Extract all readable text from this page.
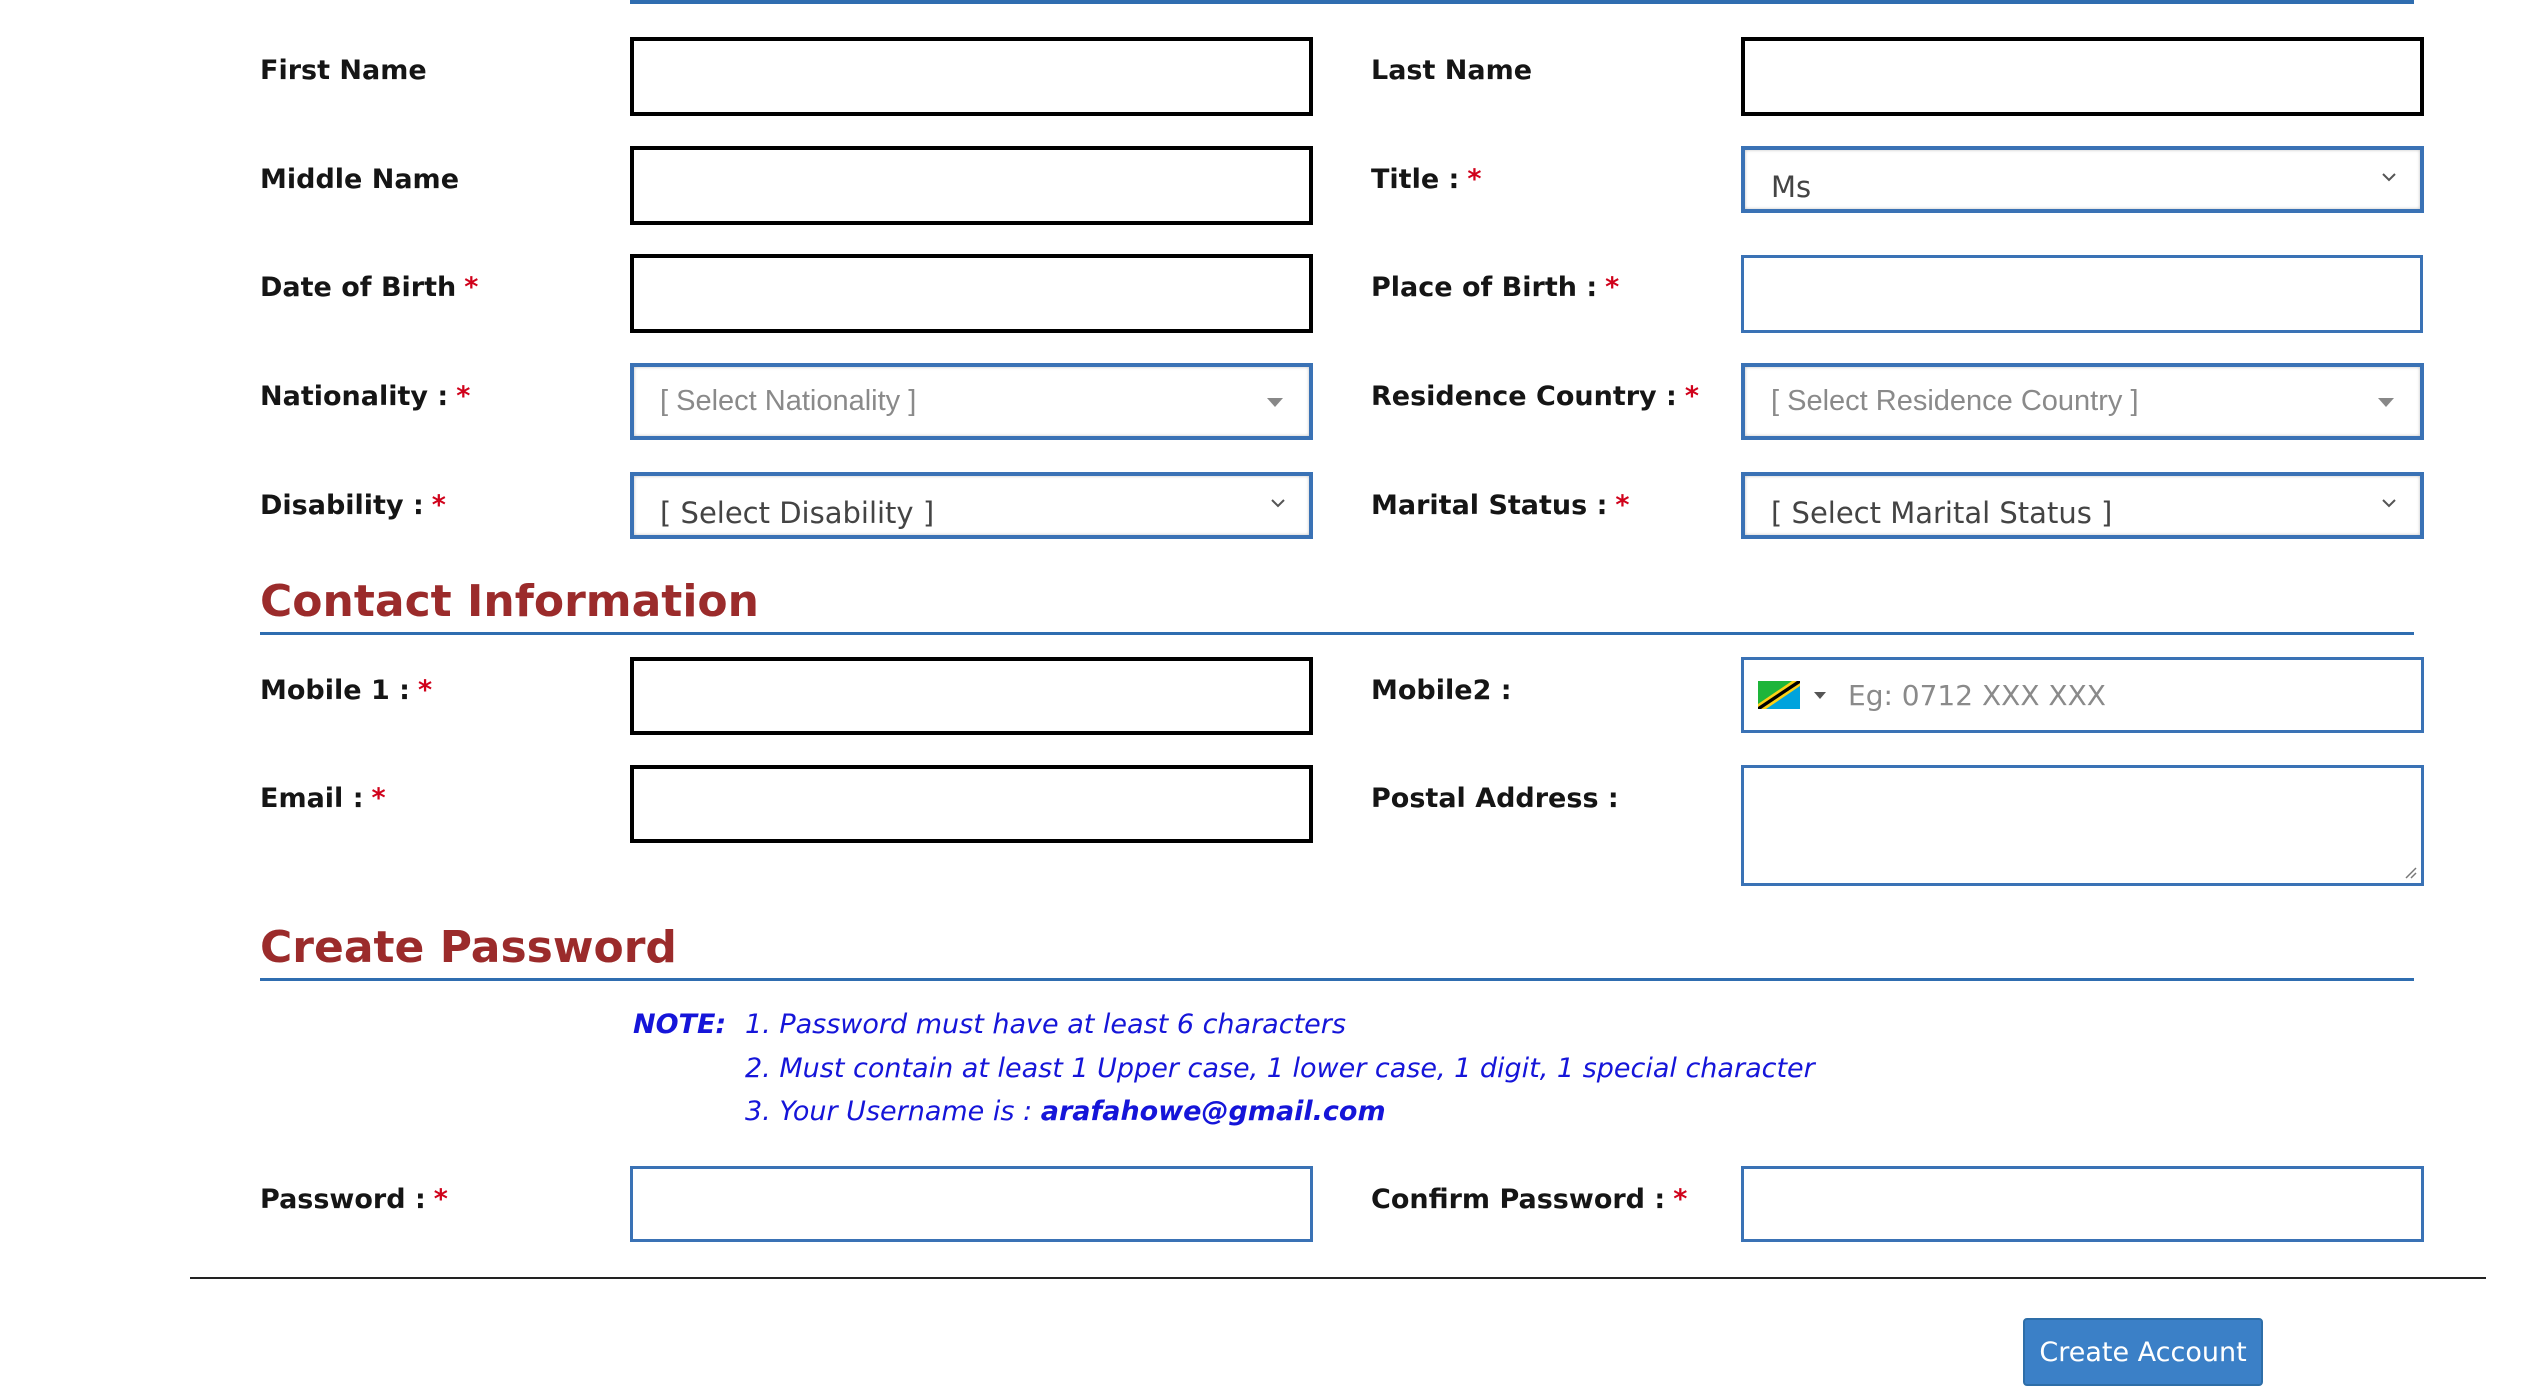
First Name	Last Name
Middle Name	Title : *	Ms
Date of Birth *	Place of Birth : *
Nationality : *	[ Select Nationality ]	Residence Country : * [ Select Residence Country ]
Disability : *	[ Select Disability ]	Marital Status : *	[ Select Marital Status ]
Contact Information
Mobile 1 : *	Mobile2 :	Eg: 0712 XXX XXX
Email : *	Postal Address :
Create Password
NOTE: 1. Password must have at least 6 characters
2. Must contain at least 1 Upper case, 1 lower case, 1 digit, 1 special character
3. Your Username is : arafahowe@gmail.com
Password : *	Confirm Password : *
Create Account
